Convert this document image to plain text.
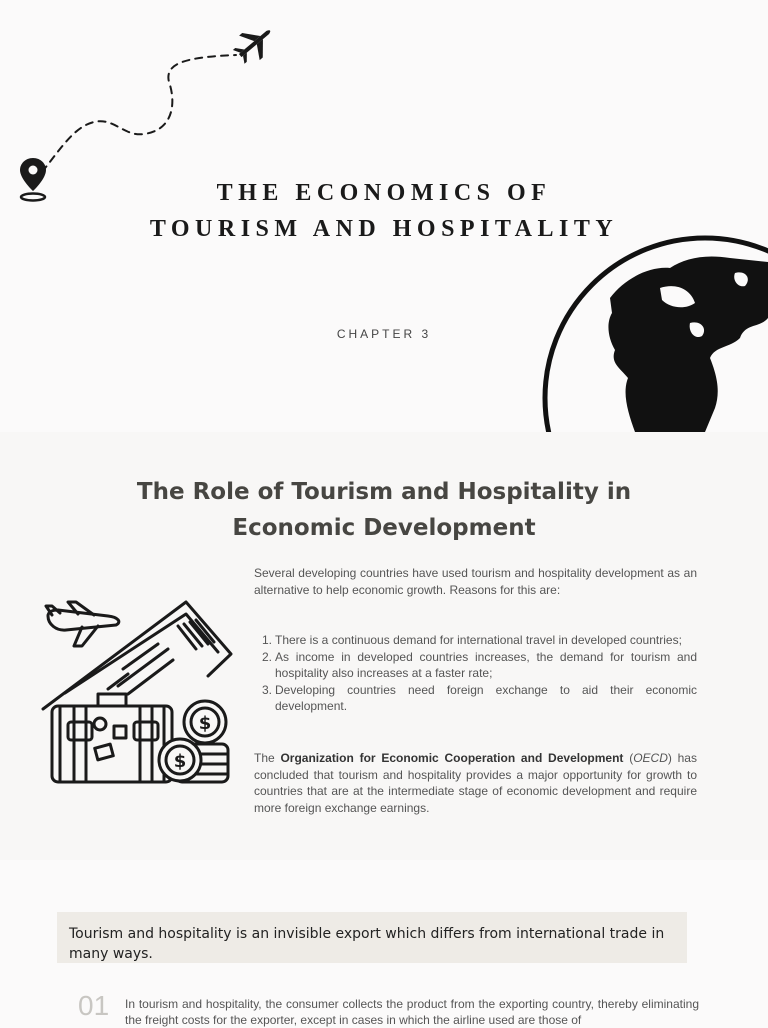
THE ECONOMICS OF
TOURISM AND HOSPITALITY
CHAPTER 3
The Role of Tourism and Hospitality in
Economic Development
$
$
Several developing countries have used tourism and hospitality development as an alternative to help economic growth. Reasons for this are:
1. There is a continuous demand for international travel in developed countries;
2. As income in developed countries increases, the demand for tourism and hospitality also increases at a faster rate;
3. Developing countries need foreign exchange to aid their economic development.
The Organization for Economic Cooperation and Development (OECD) has concluded that tourism and hospitality provides a major opportunity for growth to countries that are at the intermediate stage of economic development and require more foreign exchange earnings.
Tourism and hospitality is an invisible export which differs from international trade in many ways.
01 In tourism and hospitality, the consumer collects the product from the exporting country, thereby eliminating the freight costs for the exporter, except in cases in which the airline used are those of
